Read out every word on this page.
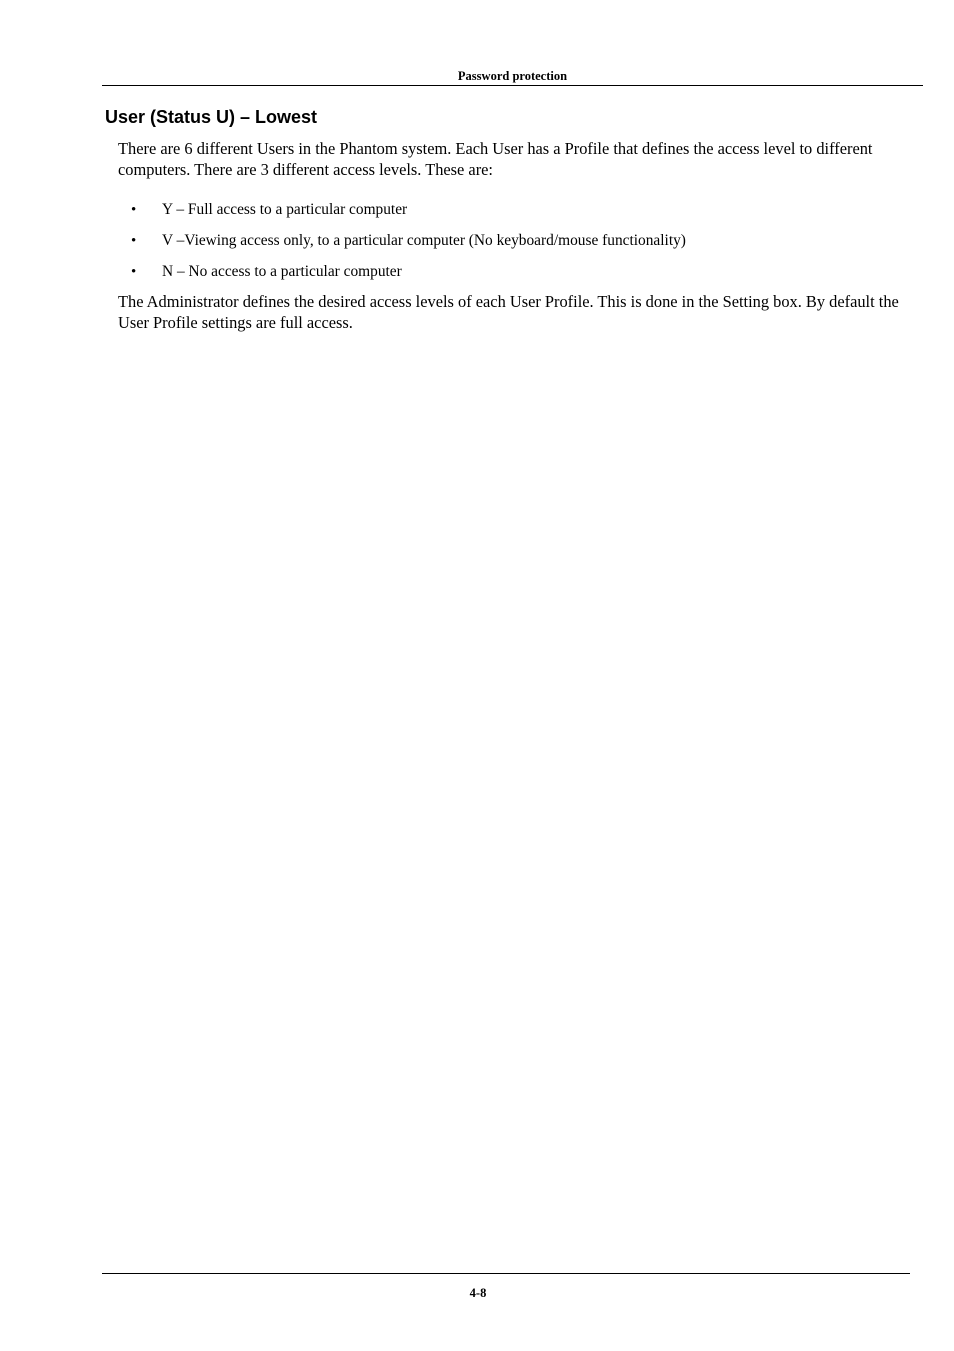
Password protection
User (Status U) – Lowest

There are 6 different Users in the Phantom system. Each User has a Profile that defines the access level to different computers. There are 3 different access levels. These are:

• Y – Full access to a particular computer
• V –Viewing access only, to a particular computer (No keyboard/mouse functionality)
• N – No access to a particular computer

The Administrator defines the desired access levels of each User Profile. This is done in the Setting box. By default the User Profile settings are full access.

4-8
